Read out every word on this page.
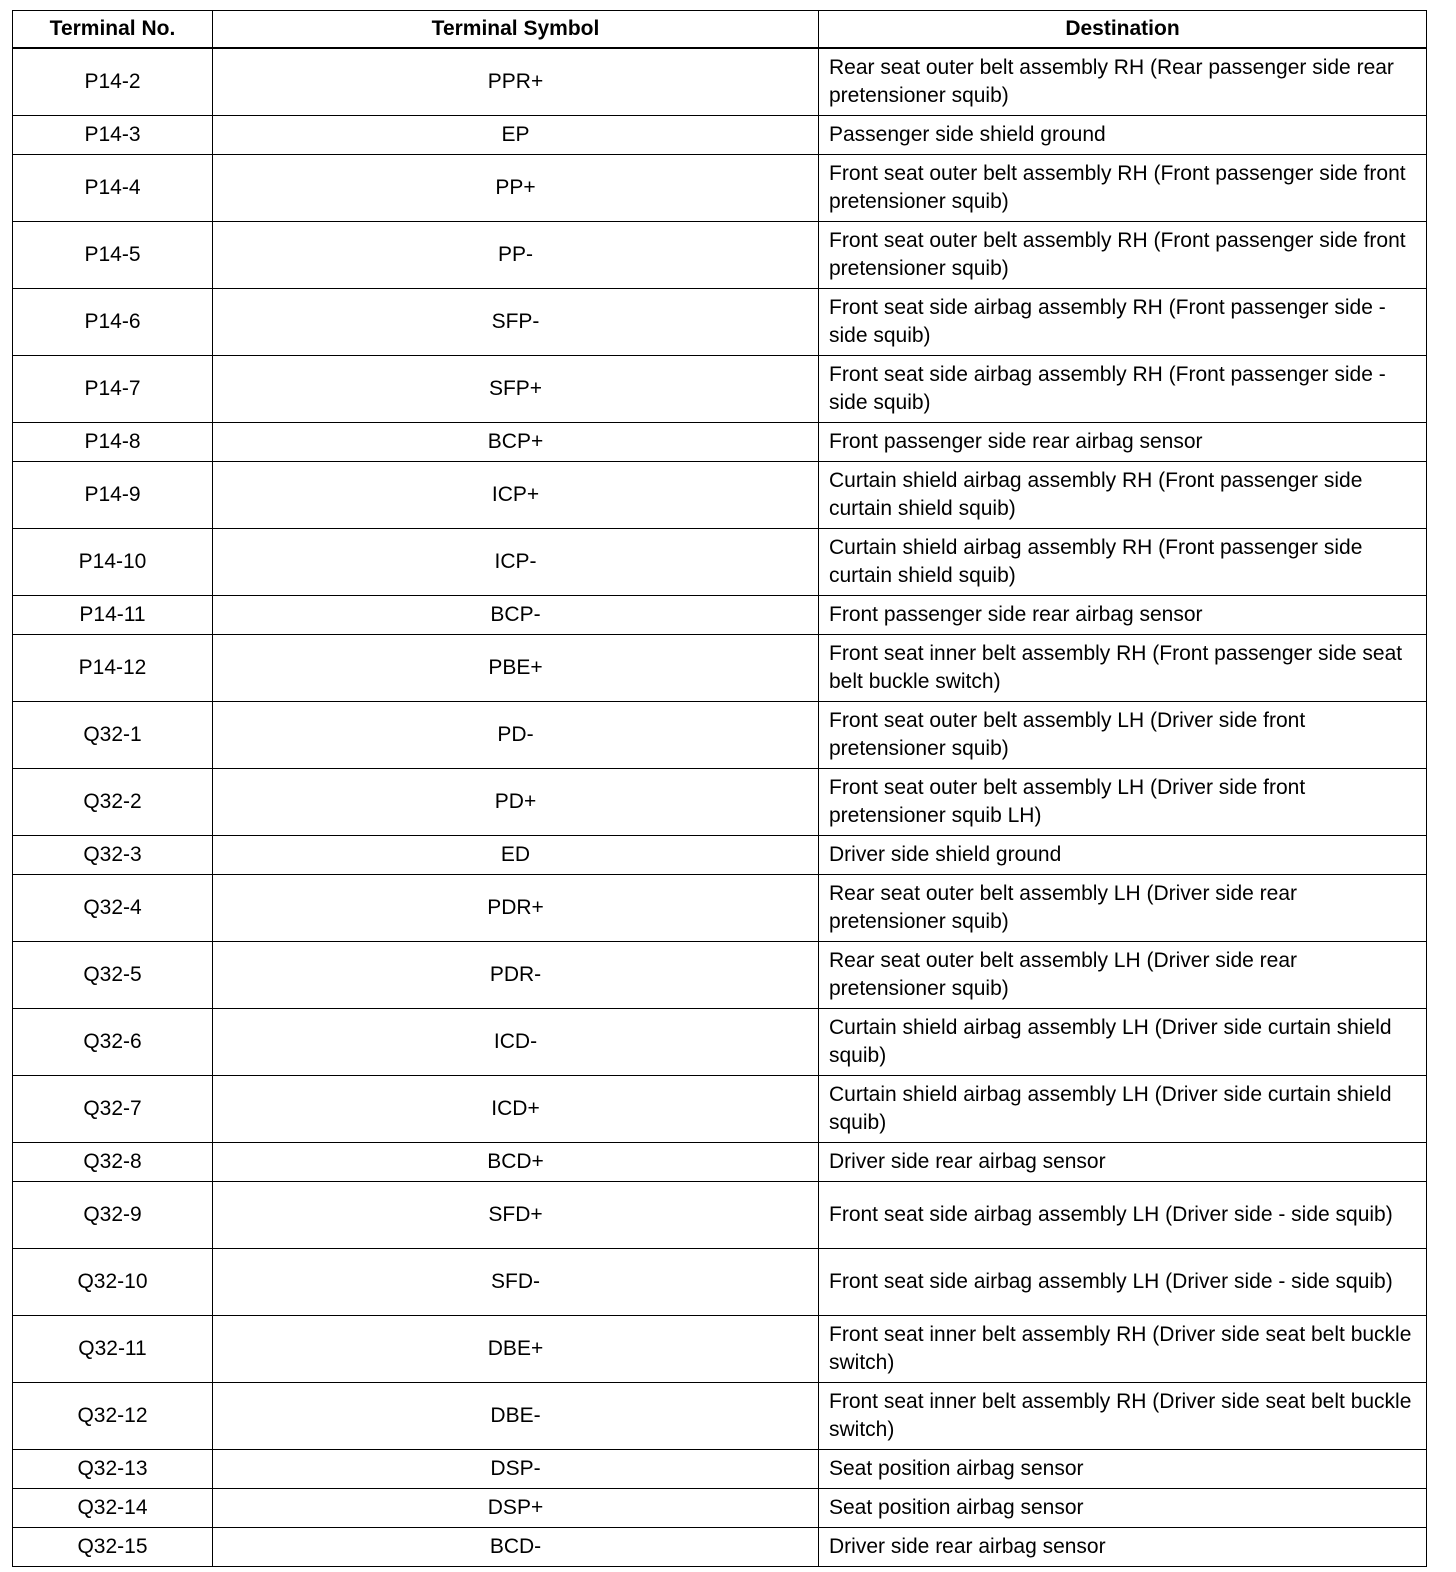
Terminal No.	Terminal Symbol	Destination
P14-2	PPR+	Rear seat outer belt assembly RH (Rear passenger side rear pretensioner squib)
P14-3	EP	Passenger side shield ground
P14-4	PP+	Front seat outer belt assembly RH (Front passenger side front pretensioner squib)
P14-5	PP-	Front seat outer belt assembly RH (Front passenger side front pretensioner squib)
P14-6	SFP-	Front seat side airbag assembly RH (Front passenger side - side squib)
P14-7	SFP+	Front seat side airbag assembly RH (Front passenger side - side squib)
P14-8	BCP+	Front passenger side rear airbag sensor
P14-9	ICP+	Curtain shield airbag assembly RH (Front passenger side curtain shield squib)
P14-10	ICP-	Curtain shield airbag assembly RH (Front passenger side curtain shield squib)
P14-11	BCP-	Front passenger side rear airbag sensor
P14-12	PBE+	Front seat inner belt assembly RH (Front passenger side seat belt buckle switch)
Q32-1	PD-	Front seat outer belt assembly LH (Driver side front pretensioner squib)
Q32-2	PD+	Front seat outer belt assembly LH (Driver side front pretensioner squib LH)
Q32-3	ED	Driver side shield ground
Q32-4	PDR+	Rear seat outer belt assembly LH (Driver side rear pretensioner squib)
Q32-5	PDR-	Rear seat outer belt assembly LH (Driver side rear pretensioner squib)
Q32-6	ICD-	Curtain shield airbag assembly LH (Driver side curtain shield squib)
Q32-7	ICD+	Curtain shield airbag assembly LH (Driver side curtain shield squib)
Q32-8	BCD+	Driver side rear airbag sensor
Q32-9	SFD+	Front seat side airbag assembly LH (Driver side - side squib)
Q32-10	SFD-	Front seat side airbag assembly LH (Driver side - side squib)
Q32-11	DBE+	Front seat inner belt assembly RH (Driver side seat belt buckle switch)
Q32-12	DBE-	Front seat inner belt assembly RH (Driver side seat belt buckle switch)
Q32-13	DSP-	Seat position airbag sensor
Q32-14	DSP+	Seat position airbag sensor
Q32-15	BCD-	Driver side rear airbag sensor
